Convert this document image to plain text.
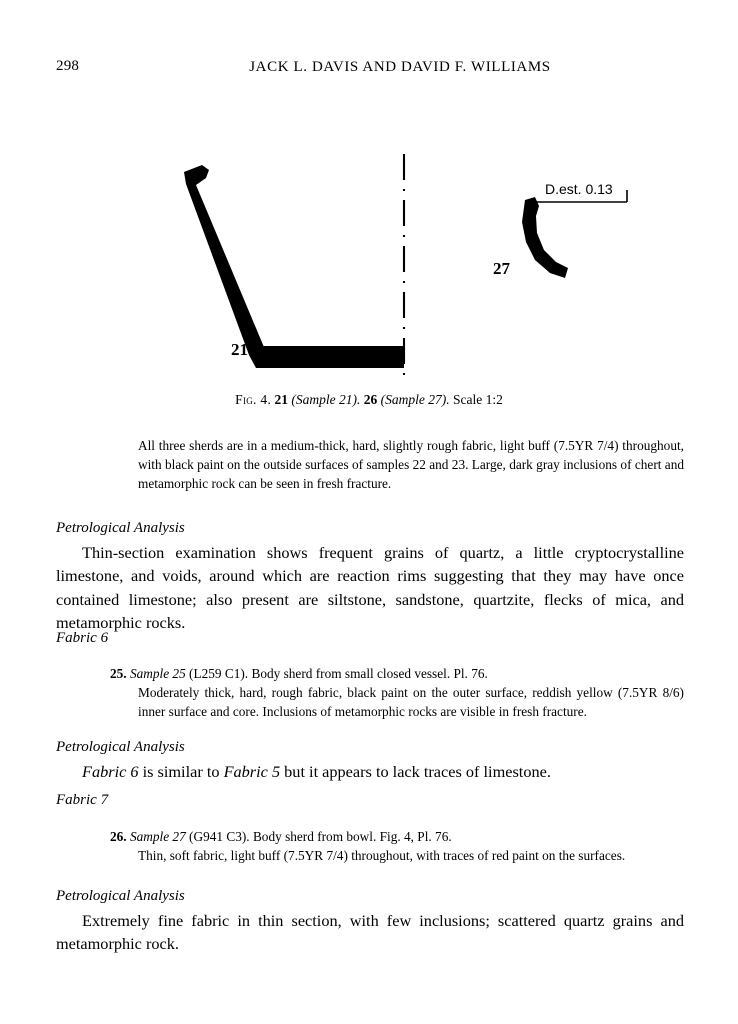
298	JACK L. DAVIS AND DAVID F. WILLIAMS
D.est. 0.13
21
27
Fig. 4. 21 (Sample 21). 26 (Sample 27). Scale 1:2
All three sherds are in a medium-thick, hard, slightly rough fabric, light buff (7.5YR 7/4) throughout, with black paint on the outside surfaces of samples 22 and 23. Large, dark gray inclusions of chert and metamorphic rock can be seen in fresh fracture.
Petrological Analysis
Thin-section examination shows frequent grains of quartz, a little cryptocrystalline limestone, and voids, around which are reaction rims suggesting that they may have once contained limestone; also present are siltstone, sandstone, quartzite, flecks of mica, and metamorphic rocks.
Fabric 6
25. Sample 25 (L259 C1). Body sherd from small closed vessel. Pl. 76.
Moderately thick, hard, rough fabric, black paint on the outer surface, reddish yellow (7.5YR 8/6) inner surface and core. Inclusions of metamorphic rocks are visible in fresh fracture.
Petrological Analysis
Fabric 6 is similar to Fabric 5 but it appears to lack traces of limestone.
Fabric 7
26. Sample 27 (G941 C3). Body sherd from bowl. Fig. 4, Pl. 76.
Thin, soft fabric, light buff (7.5YR 7/4) throughout, with traces of red paint on the surfaces.
Petrological Analysis
Extremely fine fabric in thin section, with few inclusions; scattered quartz grains and metamorphic rock.
